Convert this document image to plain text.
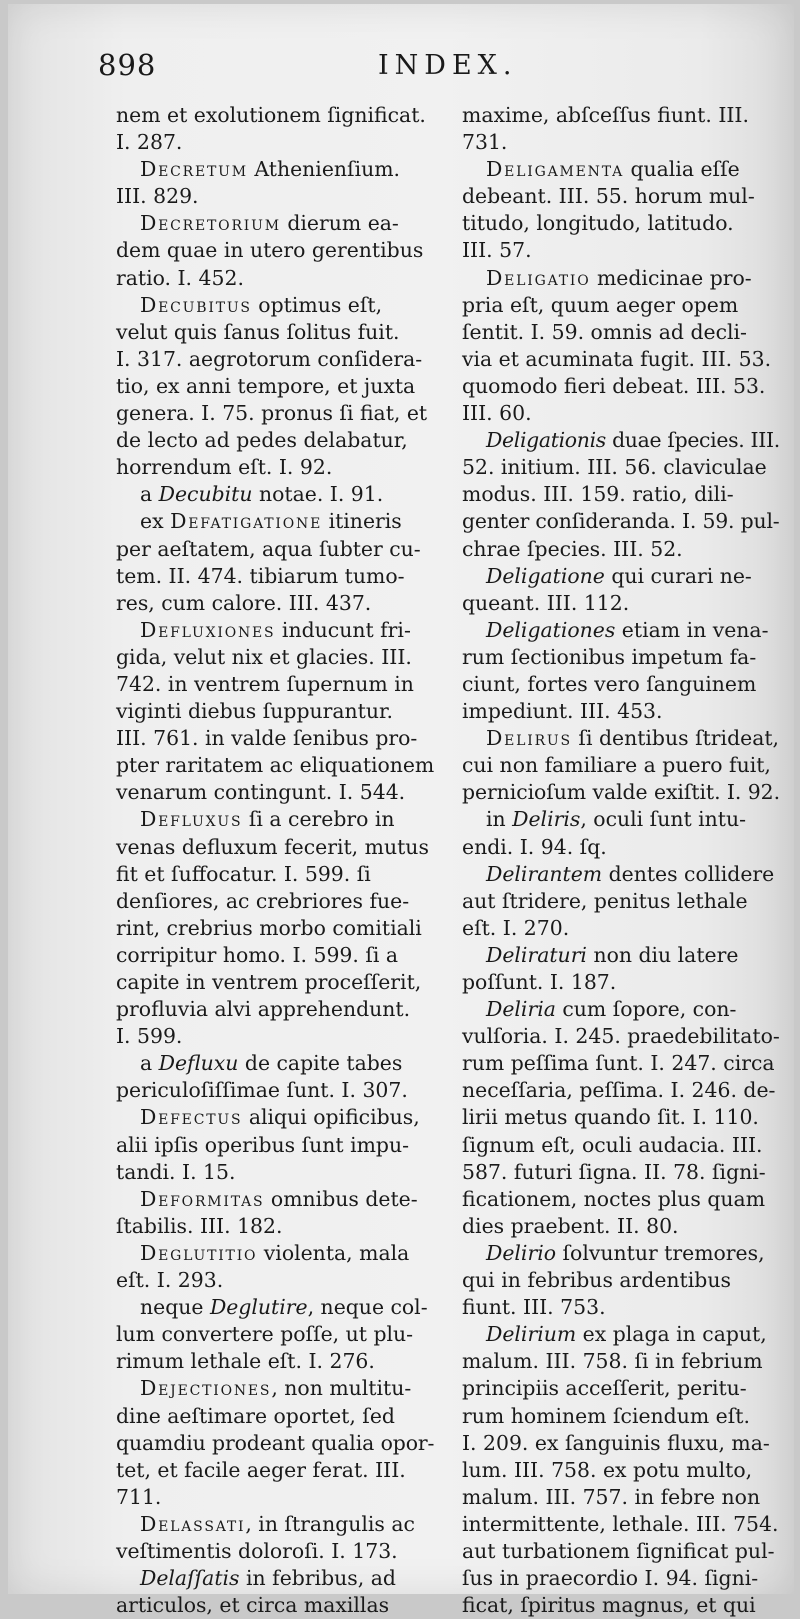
898	INDEX.
nem et exolutionem ſignificat.
I. 287.
Decretum Athenienſium.
III. 829.
Decretorium dierum ea-
dem quae in utero gerentibus
ratio. I. 452.
Decubitus optimus eſt,
velut quis ſanus ſolitus fuit.
I. 317. aegrotorum conſidera-
tio, ex anni tempore, et juxta
genera. I. 75. pronus ſi fiat, et
de lecto ad pedes delabatur,
horrendum eſt. I. 92.
a Decubitu notae. I. 91.
ex Defatigatione itineris
per aeſtatem, aqua ſubter cu-
tem. II. 474. tibiarum tumo-
res, cum calore. III. 437.
Defluxiones inducunt fri-
gida, velut nix et glacies. III.
742. in ventrem ſupernum in
viginti diebus ſuppurantur.
III. 761. in valde ſenibus pro-
pter raritatem ac eliquationem
venarum contingunt. I. 544.
Defluxus ſi a cerebro in
venas defluxum fecerit, mutus
fit et ſuffocatur. I. 599. ſi
denſiores, ac crebriores fue-
rint, crebrius morbo comitiali
corripitur homo. I. 599. ſi a
capite in ventrem proceſſerit,
profluvia alvi apprehendunt.
I. 599.
a Defluxu de capite tabes
periculoſiſſimae ſunt. I. 307.
Defectus aliqui opificibus,
alii ipſis operibus ſunt impu-
tandi. I. 15.
Deformitas omnibus dete-
ſtabilis. III. 182.
Deglutitio violenta, mala
eſt. I. 293.
neque Deglutire, neque col-
lum convertere poſſe, ut plu-
rimum lethale eſt. I. 276.
Dejectiones, non multitu-
dine aeſtimare oportet, ſed
quamdiu prodeant qualia opor-
tet, et facile aeger ferat. III.
711.
Delassati, in ſtrangulis ac
veſtimentis doloroſi. I. 173.
Delaſſatis in febribus, ad
articulos, et circa maxillas
maxime, abſceſſus fiunt. III.
731.
Deligamenta qualia eſſe
debeant. III. 55. horum mul-
titudo, longitudo, latitudo.
III. 57.
Deligatio medicinae pro-
pria eſt, quum aeger opem
ſentit. I. 59. omnis ad decli-
via et acuminata fugit. III. 53.
quomodo fieri debeat. III. 53.
III. 60.
Deligationis duae ſpecies. III.
52. initium. III. 56. claviculae
modus. III. 159. ratio, dili-
genter conſideranda. I. 59. pul-
chrae ſpecies. III. 52.
Deligatione qui curari ne-
queant. III. 112.
Deligationes etiam in vena-
rum ſectionibus impetum fa-
ciunt, fortes vero ſanguinem
impediunt. III. 453.
Delirus ſi dentibus ſtrideat,
cui non familiare a puero fuit,
pernicioſum valde exiſtit. I. 92.
in Deliris, oculi ſunt intu-
endi. I. 94. ſq.
Delirantem dentes collidere
aut ſtridere, penitus lethale
eſt. I. 270.
Deliraturi non diu latere
poſſunt. I. 187.
Deliria cum ſopore, con-
vulſoria. I. 245. praedebilitato-
rum peſſima ſunt. I. 247. circa
neceſſaria, peſſima. I. 246. de-
lirii metus quando ſit. I. 110.
ſignum eſt, oculi audacia. III.
587. futuri ſigna. II. 78. ſigni-
ficationem, noctes plus quam
dies praebent. II. 80.
Delirio ſolvuntur tremores,
qui in febribus ardentibus
fiunt. III. 753.
Delirium ex plaga in caput,
malum. III. 758. ſi in febrium
principiis acceſſerit, peritu-
rum hominem ſciendum eſt.
I. 209. ex ſanguinis fluxu, ma-
lum. III. 758. ex potu multo,
malum. III. 757. in febre non
intermittente, lethale. III. 754.
aut turbationem ſignificat pul-
ſus in praecordio I. 94. ſigni-
ficat, ſpiritus magnus, et qui
